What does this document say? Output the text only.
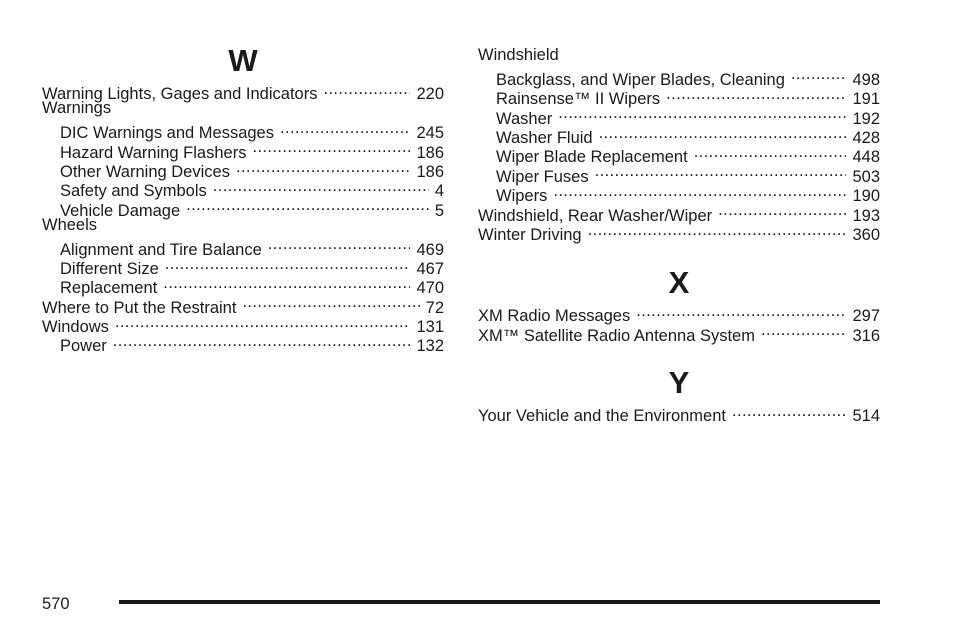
W
Warning Lights, Gages and Indicators .....	220
Warnings
DIC Warnings and Messages .....	245
Hazard Warning Flashers .....	186
Other Warning Devices .....	186
Safety and Symbols .....	4
Vehicle Damage .....	5
Wheels
Alignment and Tire Balance .....	469
Different Size .....	467
Replacement .....	470
Where to Put the Restraint .....	72
Windows .....	131
Power .....	132
Windshield
Backglass, and Wiper Blades, Cleaning .....	498
Rainsense™ II Wipers .....	191
Washer .....	192
Washer Fluid .....	428
Wiper Blade Replacement .....	448
Wiper Fuses .....	503
Wipers .....	190
Windshield, Rear Washer/Wiper .....	193
Winter Driving .....	360
X
XM Radio Messages .....	297
XM™ Satellite Radio Antenna System .....	316
Y
Your Vehicle and the Environment .....	514
570
